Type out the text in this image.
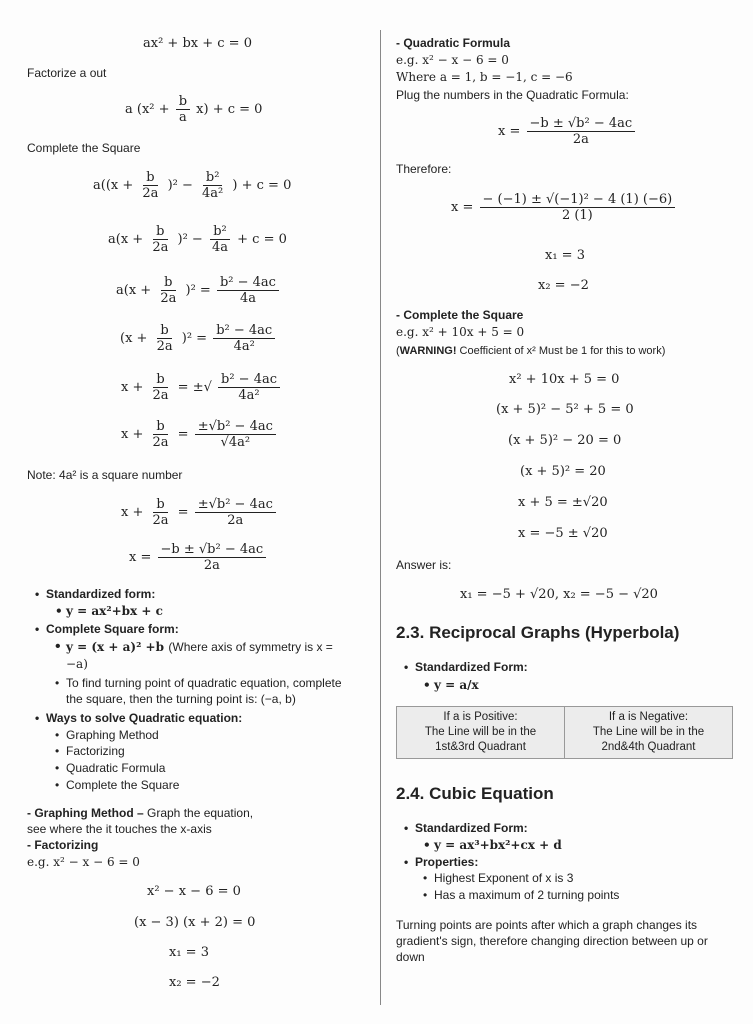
ax² + bx + c = 0
Factorize a out
a $(x^2 + \frac{b}{a} x) + c = 0$
Complete the Square
$a((x + \frac{b}{2a} )^2 - \frac{\text{b²}}{\text{4a²}}$ ) + c = 0
$a(x + \frac{b}{2a} )^2 - \frac{\text{b²}}{4a} + c = 0$
$a(x + \frac{b}{2a} )^2 = \frac{\text{b² − 4ac}}{4a}$
$(x + \frac{b}{2a} )^2 = \frac{\text{b² − 4ac}}{\text{4a²}}$
$x + \frac{b}{2a}$ = ±√ $\frac{\text{b² − 4ac}}{\text{4a²}}$
$x + \frac{b}{2a} = \frac{\text{±√b² − 4ac}}{\text{√4a²}}$
Note: 4a² is a square number
$x + \frac{b}{2a} = \frac{\text{±√b² − 4ac}}{2a}$
$x = \frac{\text{−b ± √b² − 4ac}}{2a}$
• Standardized form:
• y = ax²+bx + c
• Complete Square form:
• y = (x + a)² +b (Where axis of symmetry is x =
−a)
• To find turning point of quadratic equation, complete
the square, then the turning point is: (−a, b)
• Ways to solve Quadratic equation:
• Graphing Method
• Factorizing
• Quadratic Formula
• Complete the Square
- Graphing Method – Graph the equation,
see where the it touches the x-axis
- Factorizing
e.g. x² − x − 6 = 0
x² − x − 6 = 0
(x − 3) (x + 2) = 0
x₁ = 3
x₂ = −2
- Quadratic Formula
e.g. x² − x − 6 = 0
Where a = 1, b = −1, c = −6
Plug the numbers in the Quadratic Formula:
$x = \frac{\text{−b ± √b² − 4ac}}{2a}$
Therefore:
$x = \frac{\text{− (−1) ± √(−1)² − 4 (1) (−6)}}{2 (1)}$
x₁ = 3
x₂ = −2
- Complete the Square
e.g. x² + 10x + 5 = 0
(WARNING! Coefficient of x² Must be 1 for this to work)
x² + 10x + 5 = 0
(x + 5)² − 5² + 5 = 0
(x + 5)² − 20 = 0
(x + 5)² = 20
x + 5 = ±√20
x = −5 ± √20
Answer is:
x₁ = −5 + √20, x₂ = −5 − √20
2.3. Reciprocal Graphs (Hyperbola)
• Standardized Form:
• y = a/x
If a is Positive:
The Line will be in the
1st&3rd Quadrant

If a is Negative:
The Line will be in the
2nd&4th Quadrant
2.4. Cubic Equation
• Standardized Form:
• y = ax³+bx²+cx + d
• Properties:
• Highest Exponent of x is 3
• Has a maximum of 2 turning points
Turning points are points after which a graph changes its
gradient's sign, therefore changing direction between up or
down
